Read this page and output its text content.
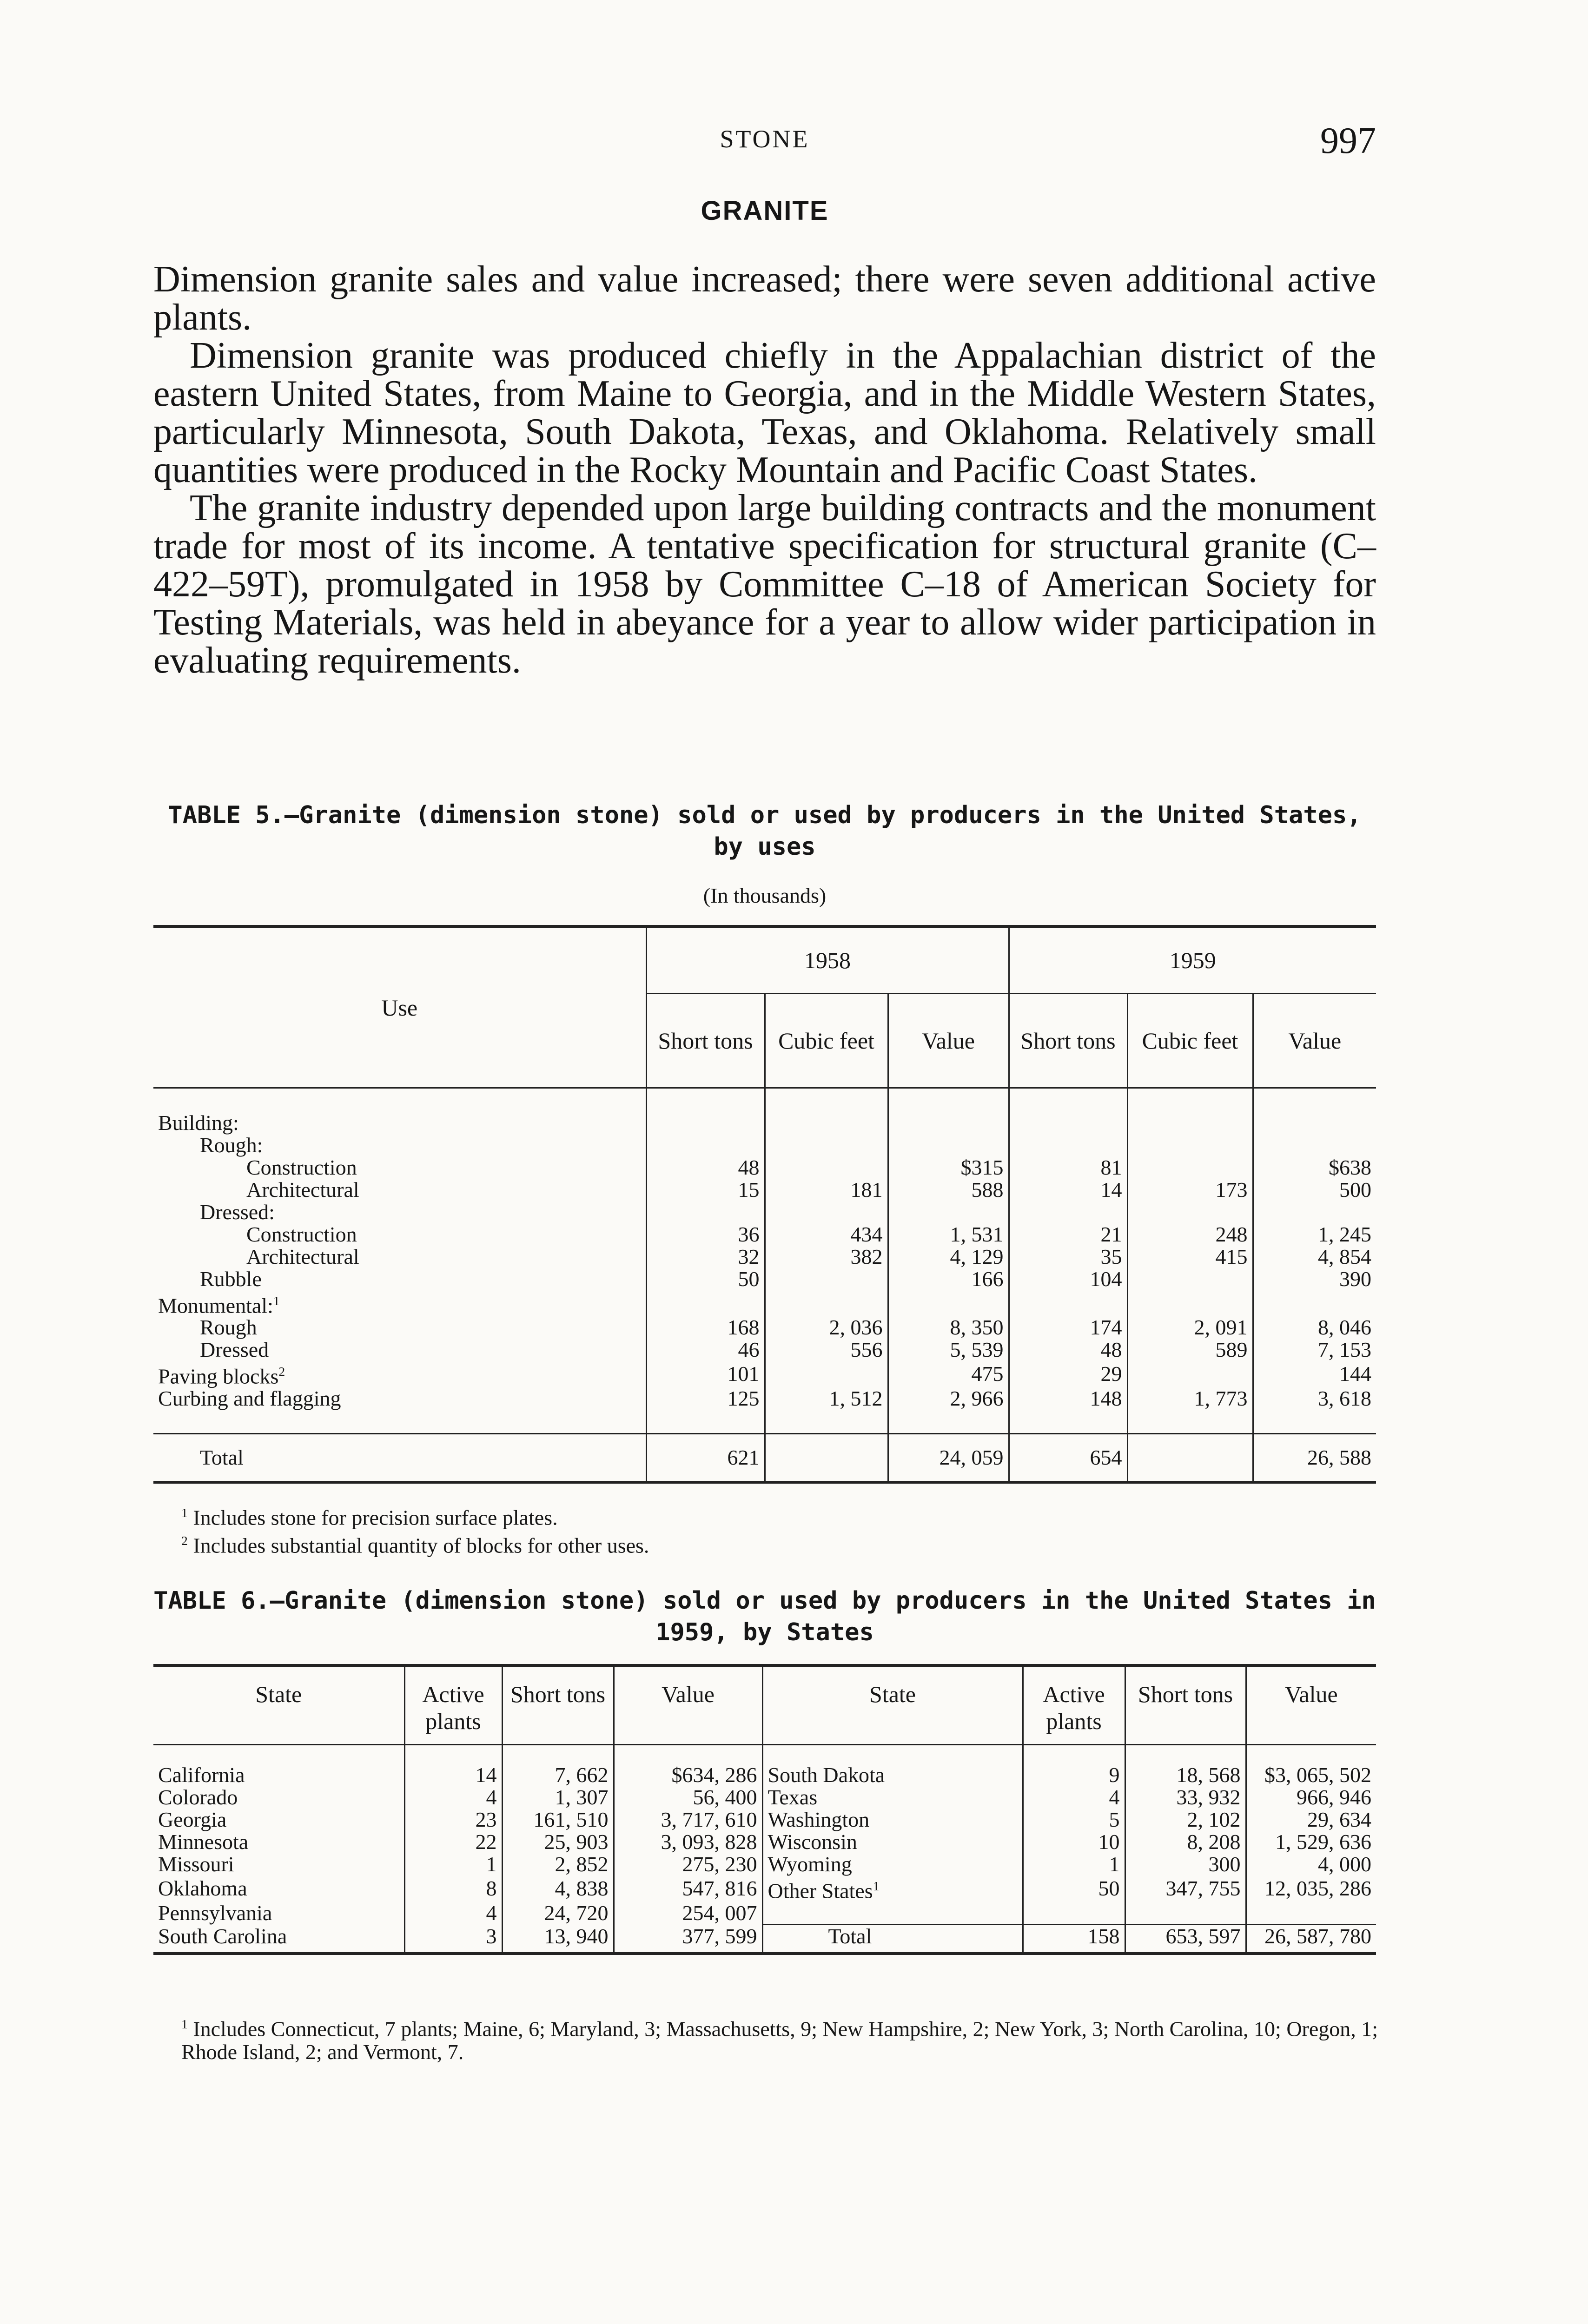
STONE	997
GRANITE

Dimension granite sales and value increased; there were seven additional active plants.

Dimension granite was produced chiefly in the Appalachian district of the eastern United States, from Maine to Georgia, and in the Middle Western States, particularly Minnesota, South Dakota, Texas, and Oklahoma. Relatively small quantities were produced in the Rocky Mountain and Pacific Coast States.

The granite industry depended upon large building contracts and the monument trade for most of its income. A tentative specification for structural granite (C–422–59T), promulgated in 1958 by Committee C–18 of American Society for Testing Materials, was held in abeyance for a year to allow wider participation in evaluating requirements.

TABLE 5.—Granite (dimension stone) sold or used by producers in the United States, by uses
(In thousands)
Use	1958			1959		
	Short tons	Cubic feet	Value	Short tons	Cubic feet	Value

Building:						
Rough:						
Construction	48		$315	81		$638
Architectural	15	181	588	14	173	500
Dressed:						
Construction	36	434	1, 531	21	248	1, 245
Architectural	32	382	4, 129	35	415	4, 854
Rubble	50		166	104		390
Monumental:$^1$						
Rough	168	2, 036	8, 350	174	2, 091	8, 046
Dressed	46	556	5, 539	48	589	7, 153
Paving blocks$^2$	101		475	29		144
Curbing and flagging	125	1, 512	2, 966	148	1, 773	3, 618

Total	621		24, 059	654		26, 588
$^1$ Includes stone for precision surface plates.
$^2$ Includes substantial quantity of blocks for other uses.
TABLE 6.—Granite (dimension stone) sold or used by producers in the United States in 1959, by States
State	Active plants	Short tons	Value	State	Active plants	Short tons	Value
California	14	7, 662	$634, 286	South Dakota	9	18, 568	$3, 065, 502
Colorado	4	1, 307	56, 400	Texas	4	33, 932	966, 946
Georgia	23	161, 510	3, 717, 610	Washington	5	2, 102	29, 634
Minnesota	22	25, 903	3, 093, 828	Wisconsin	10	8, 208	1, 529, 636
Missouri	1	2, 852	275, 230	Wyoming	1	300	4, 000
Oklahoma	8	4, 838	547, 816	Other States$^1$	50	347, 755	12, 035, 286
Pennsylvania	4	24, 720	254, 007				
South Carolina	3	13, 940	377, 599	Total	158	653, 597	26, 587, 780
$^1$ Includes Connecticut, 7 plants; Maine, 6; Maryland, 3; Massachusetts, 9; New Hampshire, 2; New York, 3; North Carolina, 10; Oregon, 1; Rhode Island, 2; and Vermont, 7.
